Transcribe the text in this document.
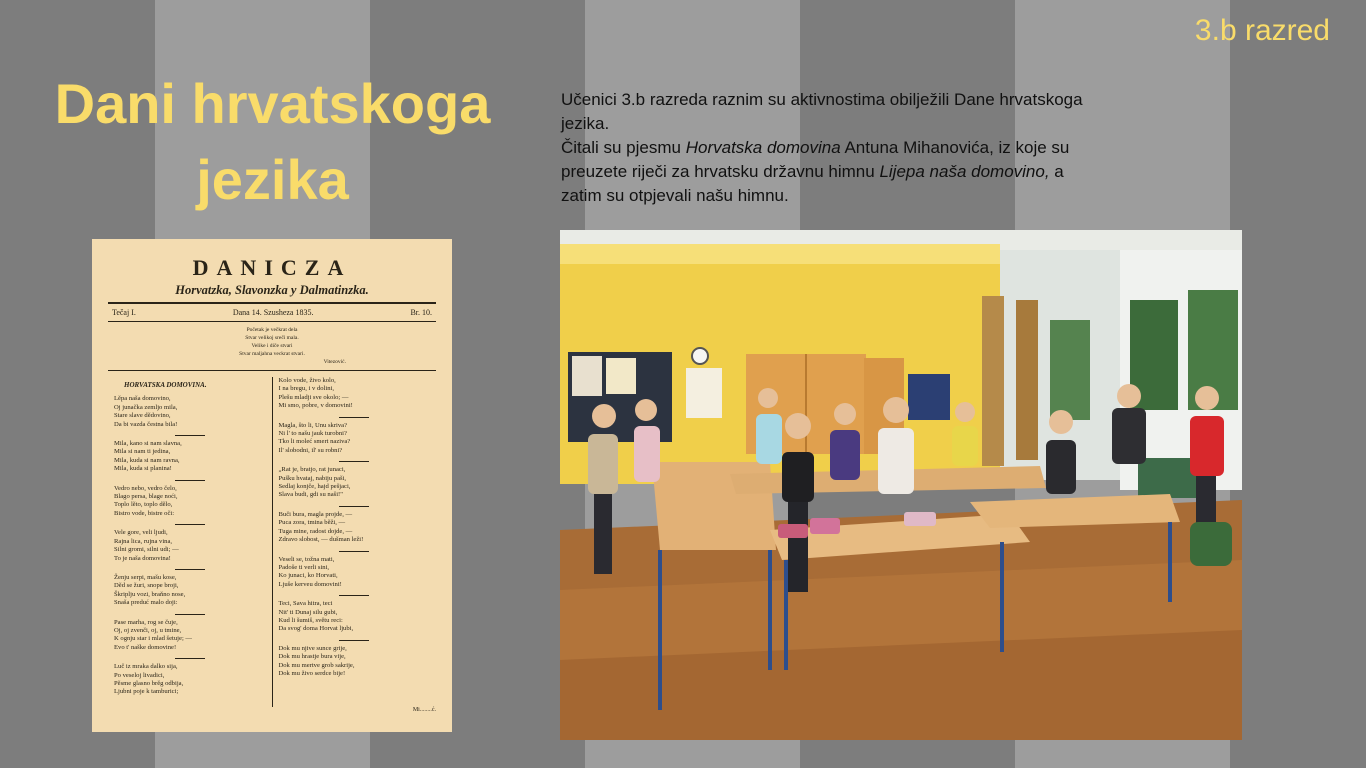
3.b razred
Dani hrvatskoga jezika
Učenici 3.b razreda raznim su aktivnostima obilježili Dane hrvatskoga jezika.
Čitali su pjesmu Horvatska domovina Antuna Mihanovića, iz koje su preuzete riječi za hrvatsku državnu himnu Lijepa naša domovino, a zatim su otpjevali našu himnu.
DANICZA
Horvatzka, Slavonzka y Dalmatinzka.
Tečaj I.	Dana 14. Szusheza 1835.	Br. 10.
Početak je večkrat dela
Stvar velikoj sreči mala.
Velike i diče stvari
Stvar maljahna veckrat stvari.
Vitezović.
HORVATSKA DOMOVINA.
Lěpa naša domovino,
Oj junačka zemljo mila,
Stare slave dědovino,
Da bi vazda čestna bila!
Mila, kano si nam slavna,
Mila si nam ti jedina,
Mila, kuda si nam ravna,
Mila, kuda si planina!
Vedro nebo, vedro čelo,
Blago persa, blage noći,
Toplo lěto, toplo dělo,
Bistro vode, bistre oči:
Vele gore, veli ljudi,
Rajna lica, rujna vina,
Silni gromi, silni udi; —
To je naša domovina!
Ženju serpi, mašu kose,
Děd se žuri, snope broji,
Škriplju vozi, braňno nose,
Snaša preduć malo doji:
Pase marha, rog se čuje,
Oj, oj zvenči, oj, u tmine,
K ognju star i mlad šetuje; —
Evo t' naške domovine!
Luč iz mraka dalko sija,
Po veseloj livadici,
Pěsme glasno brěg odbija,
Ljubni poje k tamburici;
Kolo vode, živo kolo,
I na bregu, i v dolini,
Plešu mladji sve okolo; —
Mi smo, pobre, v domovini!
Magla, što li, Unu skriva?
Ni l' to našu jauk turobni?
Tko li moleć smert naziva?
Il' slobodni, il' su robni?
„Rat je, bratjo, rat junaci,
Pušku hvataj, nabiju paši,
Sedlaj konjče, hajd pešjaci,
Slava budi, gdi su naši!"
Buči bura, magla projde, —
Puca zora, tmina běži, —
Tuga mine, radost dojde, —
Zdravo slobost, — dušman leži!
Veseli se, tožna mati,
Padoše ti verli sini,
Ko junaci, ko Horvati,
Ljuše kerveu domovini!
Teci, Sava hitra, teci
Nit' ti Dunaj silu gubi,
Kud li šumiš, světu reci:
Da svog' doma Horvat ljubi,
Dok mu njive sunce grije,
Dok mu hrastje bura vije,
Dok mu mertve grob sakrije,
Dok mu živo serdce bije!
Mi........ć.
